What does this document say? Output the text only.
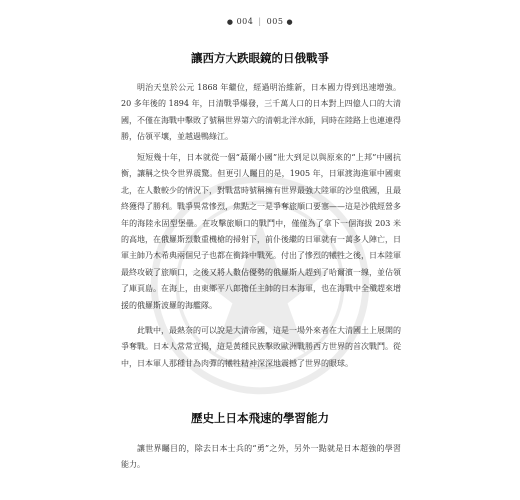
● 004 | 005 ●
讓西方大跌眼鏡的日俄戰爭

明治天皇於公元 1868 年繼位，經過明治維新，日本國力得到迅速增強。20 多年後的 1894 年，日清戰爭爆發，三千萬人口的日本對上四億人口的大清國，不僅在海戰中擊敗了號稱世界第六的清朝北洋水師，同時在陸路上也連連得勝，佔領平壤，並越過鴨綠江。

短短幾十年，日本就從一個“蕞爾小國”壯大到足以與原來的“上邦”中國抗衡，讓稱之快令世界震驚。但更引人矚目的是，1905 年，日軍渡海進軍中國東北，在人數較少的情況下，對戰當時號稱擁有世界最強大陸軍的沙皇俄國，且最終獲得了勝利。戰爭異常慘烈，焦點之一是爭奪旅順口要塞——這是沙俄經營多年的海陸永固型堡壘。在攻擊旅順口的戰鬥中，僅僅為了拿下一個海拔 203 米的高地，在俄羅斯烈數重機槍的掃射下，前仆後繼的日軍就有一萬多人陣亡，日軍主帥乃木希典兩個兒子也都在衝鋒中戰死。付出了慘烈的犧牲之後，日本陸軍最終攻破了旅順口，之後又將人數佔優勢的俄羅斯人趕到了哈爾濱一線，並佔領了庫頁島。在海上，由東鄉平八郎擔任主帥的日本海軍，也在海戰中全殲趕來增援的俄羅斯波羅的海艦隊。

此戰中，最熱奈的可以說是大清帝國，這是一場外來者在大清國土上展開的爭奪戰。日本人常常宣揚，這是黃種民族擊敗歐洲戰勝西方世界的首次戰鬥。從中，日本軍人那種甘為肉彈的犧牲精神深深地震撼了世界的眼球。

歷史上日本飛速的學習能力

讓世界矚目的，除去日本士兵的“勇”之外，另外一點就是日本超強的學習能力。
